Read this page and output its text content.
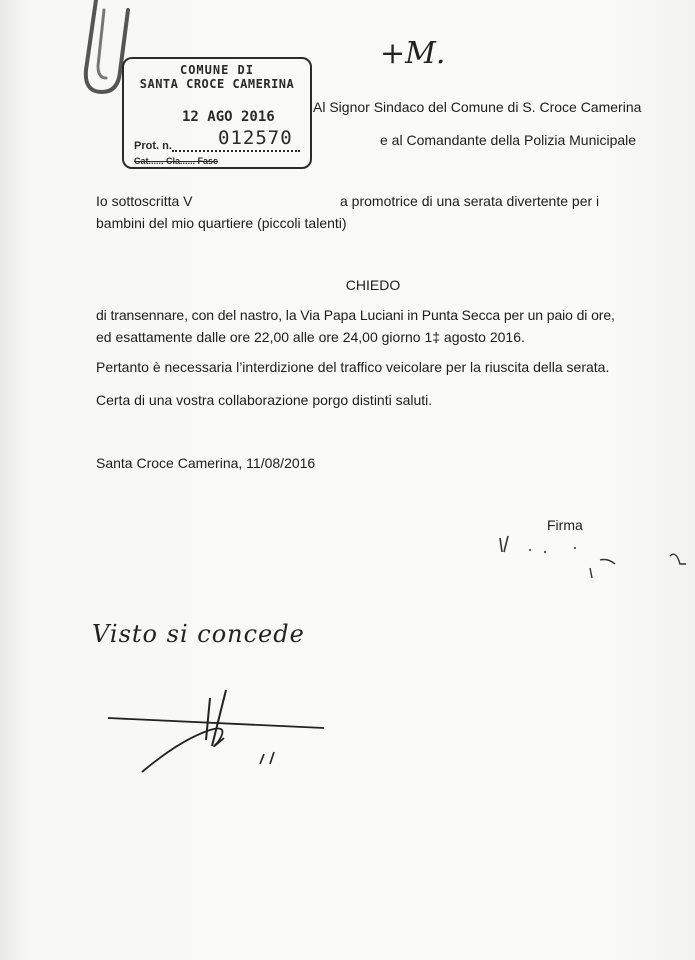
COMUNE DI
SANTA CROCE CAMERINA
12 AGO 2016
012570
Prot. n.
Cat...... Cla...... Fasc
+M.
Al Signor Sindaco del Comune di S. Croce Camerina
e al Comandante della Polizia Municipale
Io sottoscritta V	a promotrice di una serata divertente per i
bambini del mio quartiere (piccoli talenti)
CHIEDO
di transennare, con del nastro, la Via Papa Luciani in Punta Secca per un paio di ore,
ed esattamente dalle ore 22,00 alle ore 24,00 giorno 1‡ agosto 2016.
Pertanto è necessaria l’interdizione del traffico veicolare per la riuscita della serata.
Certa di una vostra collaborazione porgo distinti saluti.
Santa Croce Camerina, 11/08/2016
Firma
Visto si concede
